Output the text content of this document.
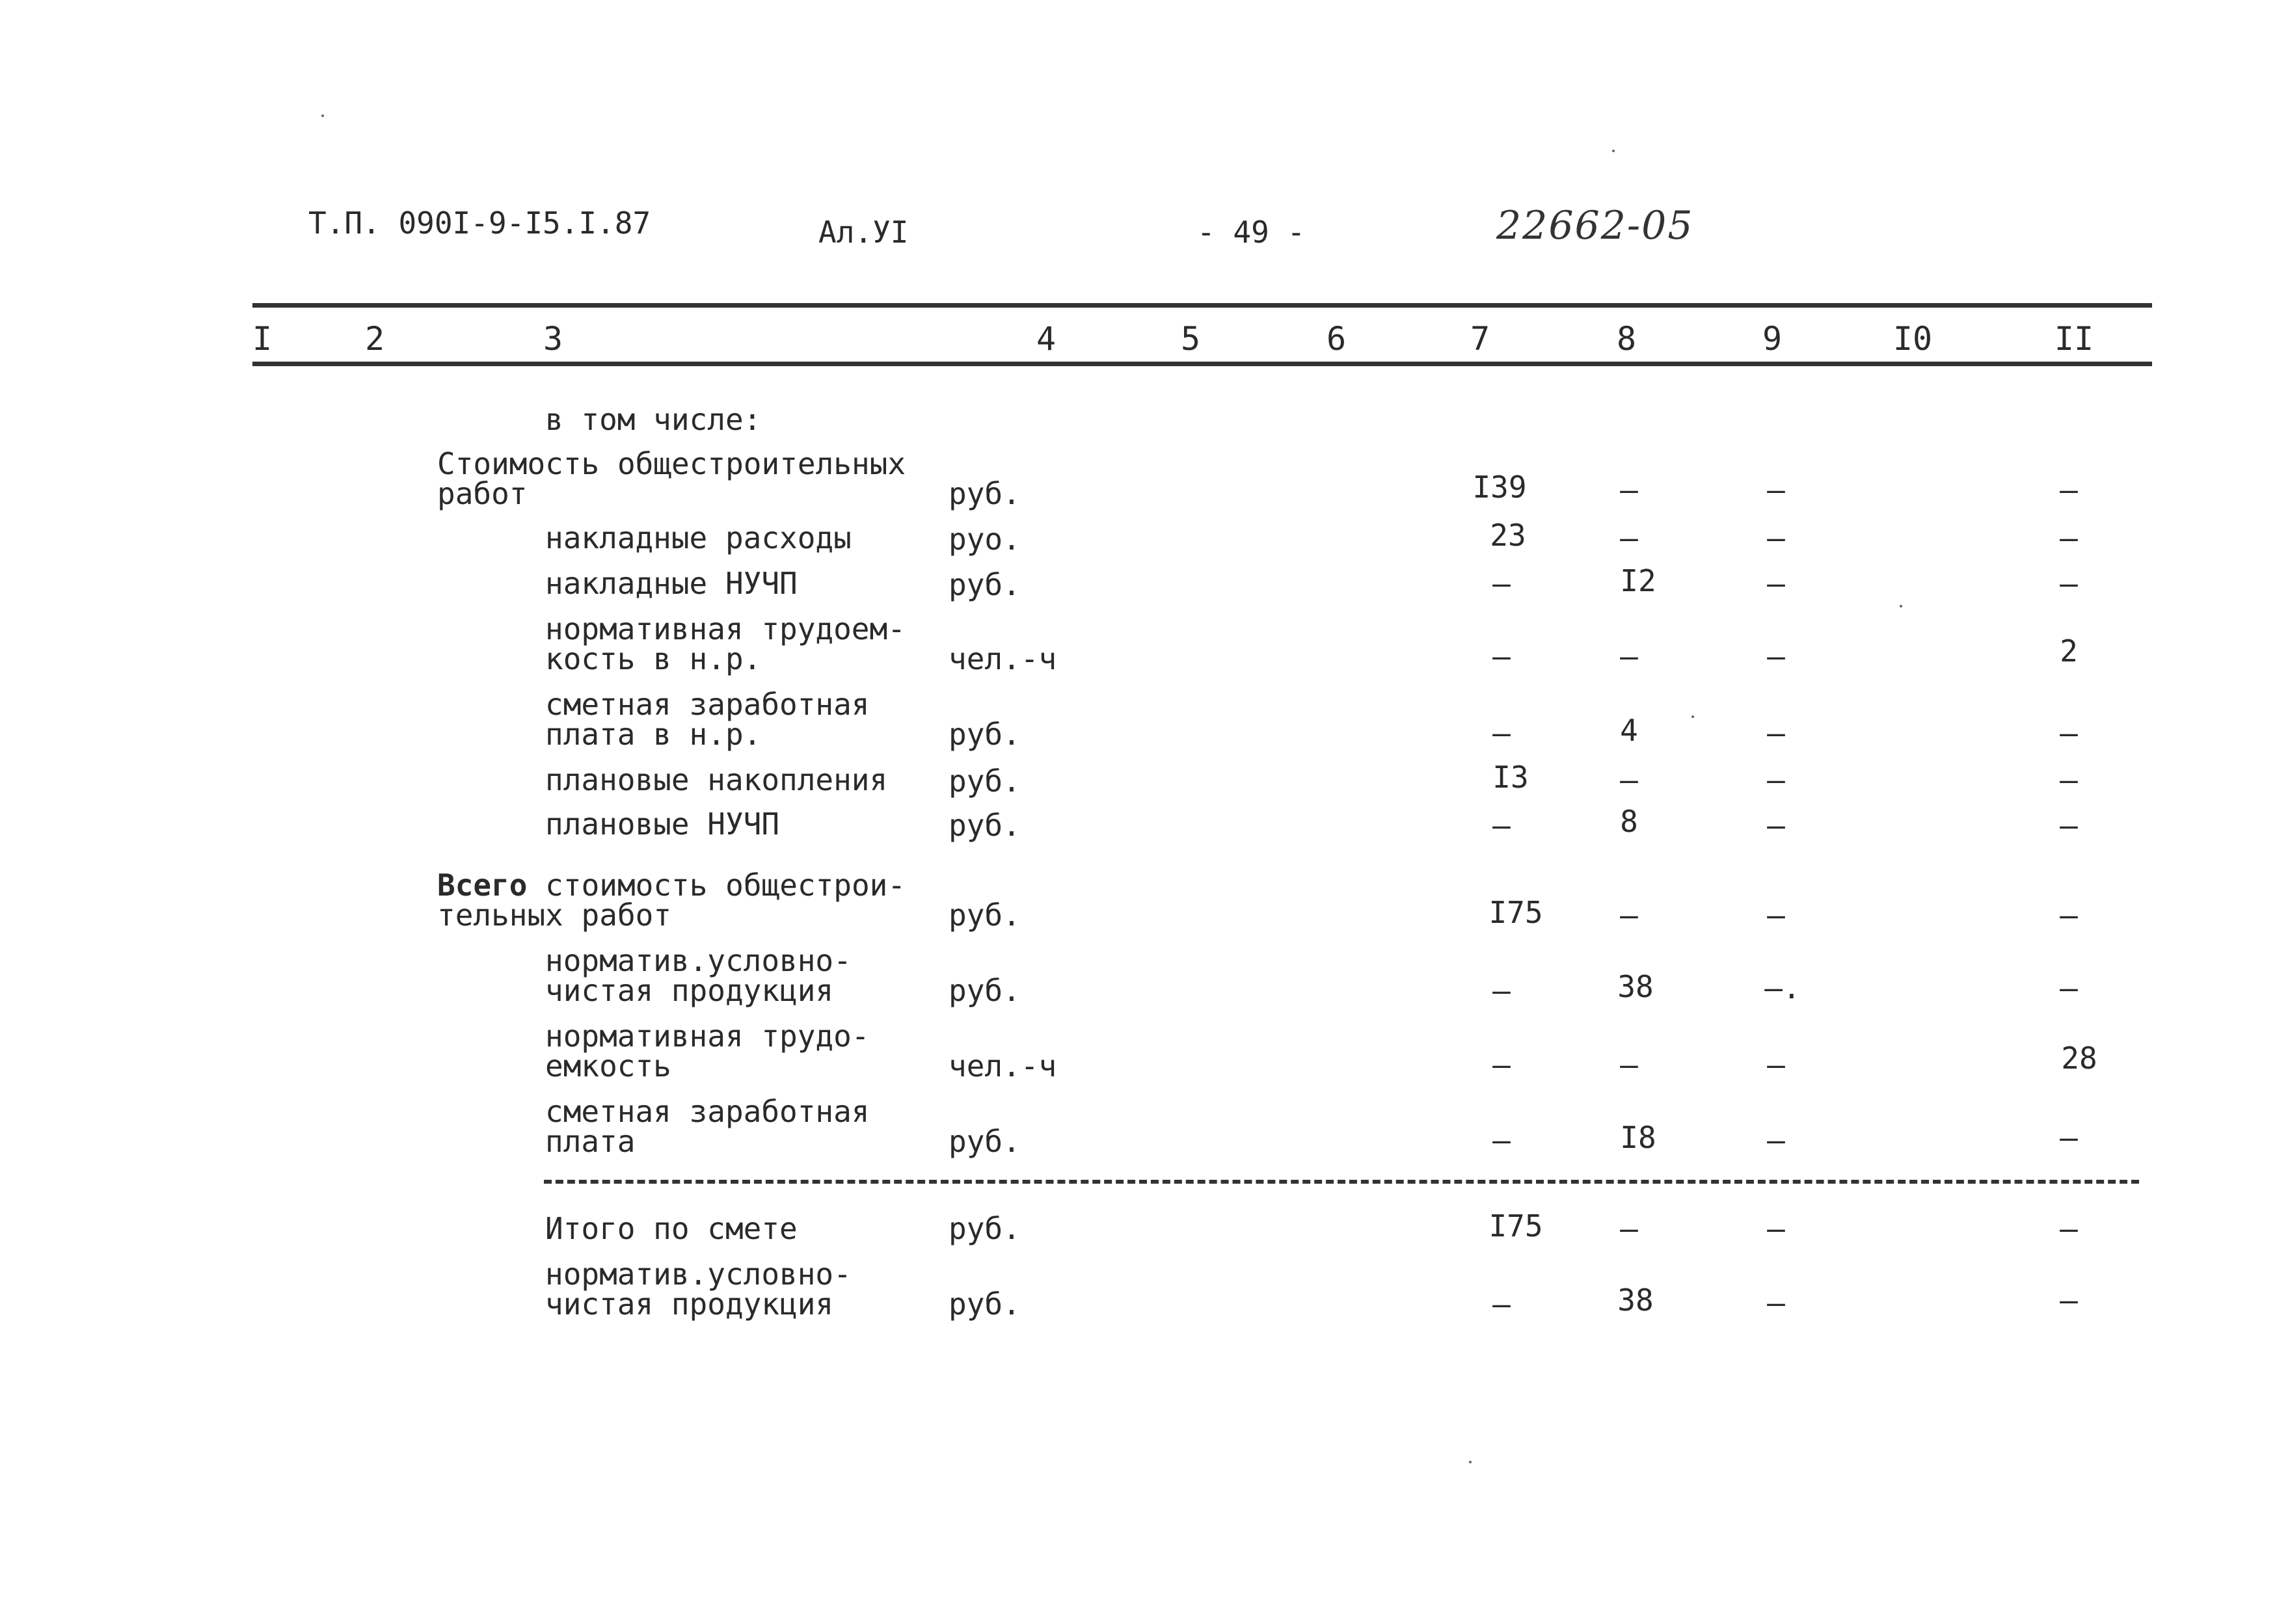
Т.П. 090I-9-I5.I.87	Ал.УI	- 49 -	22662-05
I	2	3	4	5	6	7	8	9	I0	II
в том числе:
Стоимость общестроительных
работ	руб.	I39	–	–	–
накладные расходы	руо.	23	–	–	–
накладные НУЧП	руб.	–	I2	–	–
нормативная трудоем-
кость в н.р.	чел.-ч	–	–	–	2
сметная заработная
плата в н.р.	руб.	–	4	–	–
плановые накопления руб.	I3	–	–	–
плановые НУЧП	руб.	–	8	–	–
Всего стоимость общестрои-
тельных работ	руб.	I75	–	–	–
норматив.условно-
чистая продукция	руб.	–	38	–.	–
нормативная трудо-
емкость	чел.-ч	–	–	–	28
сметная заработная
плата	руб.	–	I8	–	–
Итого по смете	руб.	I75	–	–	–
норматив.условно-
чистая продукция	руб.	–	38	–	–
